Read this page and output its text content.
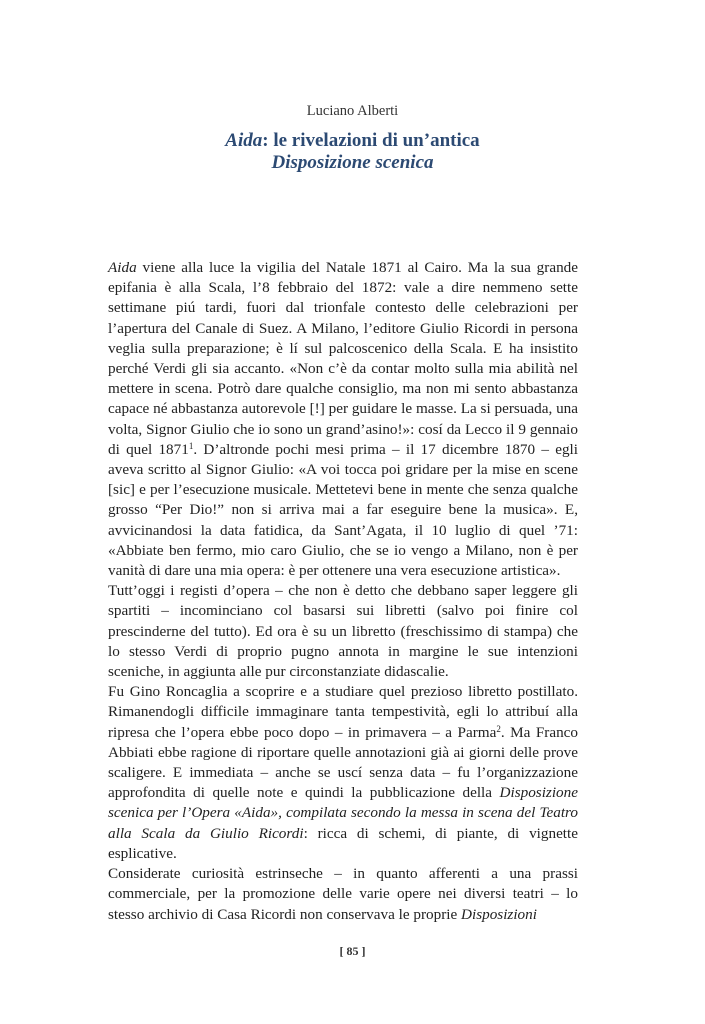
Luciano Alberti
Aida: le rivelazioni di un’antica
Disposizione scenica

Aida viene alla luce la vigilia del Natale 1871 al Cairo. Ma la sua grande epifania è alla Scala, l’8 febbraio del 1872: vale a dire nemmeno sette settimane piú tardi, fuori dal trionfale contesto delle celebrazioni per l’apertura del Canale di Suez. A Milano, l’editore Giulio Ricordi in persona veglia sulla preparazione; è lí sul palcoscenico della Scala. E ha insistito perché Verdi gli sia accanto. «Non c’è da contar molto sulla mia abilità nel mettere in scena. Potrò dare qualche consiglio, ma non mi sento abbastanza capace né abbastanza autorevole [!] per guidare le masse. La si persuada, una volta, Signor Giulio che io sono un grand’asino!»: cosí da Lecco il 9 gennaio di quel 1871$^1$. D’altronde pochi mesi prima – il 17 dicembre 1870 – egli aveva scritto al Signor Giulio: «A voi tocca poi gridare per la mise en scene [sic] e per l’esecuzione musicale. Mettetevi bene in mente che senza qualche grosso “Per Dio!” non si arriva mai a far eseguire bene la musica». E, avvicinandosi la data fatidica, da Sant’Agata, il 10 luglio di quel ’71: «Abbiate ben fermo, mio caro Giulio, che se io vengo a Milano, non è per vanità di dare una mia opera: è per ottenere una vera esecuzione artistica».

Tutt’oggi i registi d’opera – che non è detto che debbano saper leggere gli spartiti – incominciano col basarsi sui libretti (salvo poi finire col prescinderne del tutto). Ed ora è su un libretto (freschissimo di stampa) che lo stesso Verdi di proprio pugno annota in margine le sue intenzioni sceniche, in aggiunta alle pur circonstanziate didascalie.

Fu Gino Roncaglia a scoprire e a studiare quel prezioso libretto postillato. Rimanendogli difficile immaginare tanta tempestività, egli lo attribuí alla ripresa che l’opera ebbe poco dopo – in primavera – a Parma$^2$. Ma Franco Abbiati ebbe ragione di riportare quelle annotazioni già ai giorni delle prove scaligere. E immediata – anche se uscí senza data – fu l’organizzazione approfondita di quelle note e quindi la pubblicazione della Disposizione scenica per l’Opera «Aida», compilata secondo la messa in scena del Teatro alla Scala da Giulio Ricordi: ricca di schemi, di piante, di vignette esplicative.

Considerate curiosità estrinseche – in quanto afferenti a una prassi commerciale, per la promozione delle varie opere nei diversi teatri – lo stesso archivio di Casa Ricordi non conservava le proprie Disposizioni

[ 85 ]
